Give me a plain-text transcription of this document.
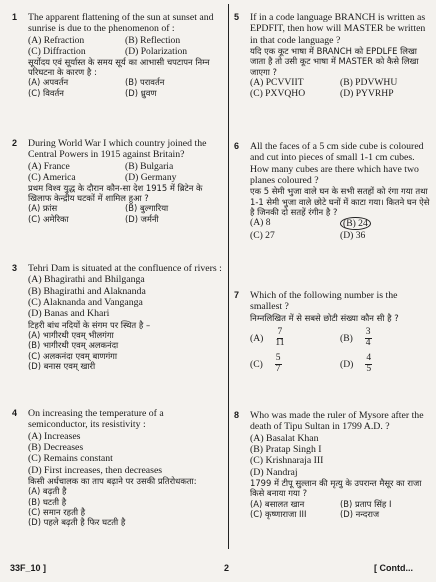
1 The apparent flattening of the sun at sunset and sunrise is due to the phenomenon of :
(A) Refraction	(B) Reflection
(C) Diffraction	(D) Polarization
सूर्योदय एवं सूर्यास्त के समय सूर्य का आभासी चपटापन निम्न परिघटना के कारण है :
(A) अपवर्तन	(B) परावर्तन
(C) विवर्तन	(D) ध्रुवण
2 During World War I which country joined the Central Powers in 1915 against Britain?
(A) France	(B) Bulgaria
(C) America	(D) Germany
प्रथम विश्व युद्ध के दौरान कौन-सा देश 1915 में ब्रिटेन के खिलाफ केन्द्रीय घटकों में शामिल हुआ ?
(A) फ्रांस	(B) बुल्गारिया
(C) अमेरिका	(D) जर्मनी
3 Tehri Dam is situated at the confluence of rivers :
(A) Bhagirathi and Bhilganga
(B) Bhagirathi and Alaknanda
(C) Alaknanda and Vanganga
(D) Banas and Khari
टिहरी बांध नदियों के संगम पर स्थित है –
(A) भागीरथी एवम् भीलगंगा
(B) भागीरथी एवम् अलकनंदा
(C) अलकनंदा एवम् बाणगंगा
(D) बनास एवम् खारी
4 On increasing the temperature of a semiconductor, its resistivity :
(A) Increases
(B) Decreases
(C) Remains constant
(D) First increases, then decreases
किसी अर्धचालक का ताप बढ़ाने पर उसकी प्रतिरोधकता:
(A) बढ़ती है
(B) घटती है
(C) समान रहती है
(D) पहले बढ़ती है फिर घटती है
5 If in a code language BRANCH is written as EPDFIT, then how will MASTER be written in that code language ?
यदि एक कूट भाषा में BRANCH को EPDLFE लिखा जाता है तो उसी कूट भाषा में MASTER को कैसे लिखा जाएगा ?
(A) PCVVIIT	(B) PDVWHU
(C) PXVQHO	(D) PYVRHP
6 All the faces of a 5 cm side cube is coloured and cut into pieces of small 1-1 cm cubes. How many cubes are there which have two planes coloured ?
एक 5 सेमी भुजा वाले घन के सभी सतहों को रंगा गया तथा 1-1 सेमी भुजा वाले छोटे घनों में काटा गया। कितने घन ऐसे है जिनकी दो सतहें रंगीन है ?
(A) 8	(B) 24
(C) 27	(D) 36
7 Which of the following number is the smallest ?
निम्नलिखित में से सबसे छोटी संख्या कौन सी है ?
$(A) \frac{7}{11}$	$(B) \frac{3}{4}$
$(C) \frac{5}{7}$	$(D) \frac{4}{5}$
8 Who was made the ruler of Mysore after the death of Tipu Sultan in 1799 A.D. ?
(A) Basalat Khan
(B) Pratap Singh I
(C) Krishnaraja III
(D) Nandraj
1799 में टीपू सुल्तान की मृत्यु के उपरान्त मैसूर का राजा किसे बनाया गया ?
(A) बसालत खान	(B) प्रताप सिंह I
(C) कृष्णाराजा III	(D) नन्दराज
33F_10 ]	2	[ Contd...
